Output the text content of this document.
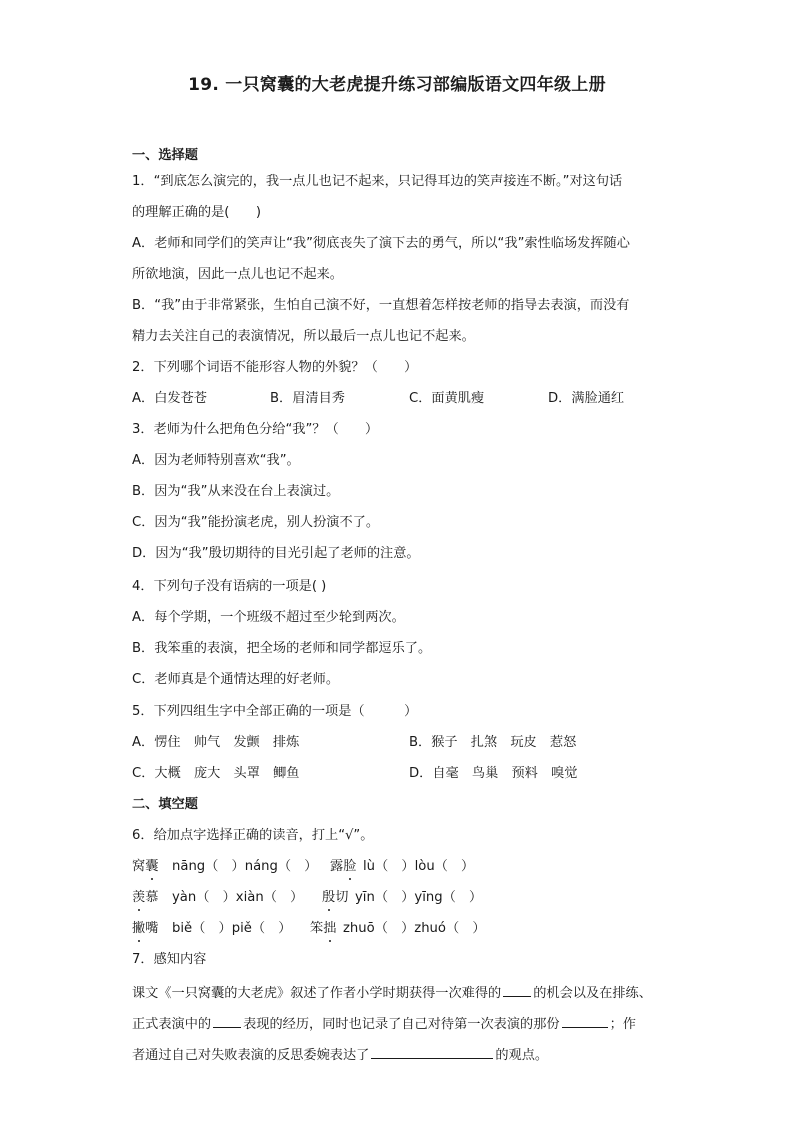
19. 一只窝囊的大老虎提升练习部编版语文四年级上册
一、选择题
1．“到底怎么演完的，我一点儿也记不起来，只记得耳边的笑声接连不断。”对这句话
的理解正确的是(　　)
A．老师和同学们的笑声让“我”彻底丧失了演下去的勇气，所以“我”索性临场发挥随心
所欲地演，因此一点儿也记不起来。
B．“我”由于非常紧张，生怕自己演不好，一直想着怎样按老师的指导去表演，而没有
精力去关注自己的表演情况，所以最后一点儿也记不起来。
2．下列哪个词语不能形容人物的外貌？（　　）
A．白发苍苍	B．眉清目秀	C．面黄肌瘦	D．满脸通红
3．老师为什么把角色分给“我”？（　　）
A．因为老师特别喜欢“我”。
B．因为“我”从来没在台上表演过。
C．因为“我”能扮演老虎，别人扮演不了。
D．因为“我”殷切期待的目光引起了老师的注意。
4．下列句子没有语病的一项是( )
A．每个学期，一个班级不超过至少轮到两次。
B．我笨重的表演，把全场的老师和同学都逗乐了。
C．老师真是个通情达理的好老师。
5．下列四组生字中全部正确的一项是（　　　）
A．愣住　帅气　发颤　排炼	B．猴子　扎煞　玩皮　惹怒
C．大概　庞大　头罩　鲫鱼	D．自毫　鸟巢　预料　嗅觉
二、填空题
6．给加点字选择正确的读音，打上“√”。
窝囊 nāng（　）náng（　） 露脸 lù（　）lòu（　）
羡慕 yàn（　）xiàn（　） 殷切 yīn（　）yīng（　）
撇嘴 biě（　）piě（　） 笨拙 zhuō（　）zhuó（　）
7．感知内容
课文《一只窝囊的大老虎》叙述了作者小学时期获得一次难得的 的机会以及在排练、
正式表演中的 表现的经历，同时也记录了自己对待第一次表演的那份	；作
者通过自己对失败表演的反思委婉表达了	的观点。
